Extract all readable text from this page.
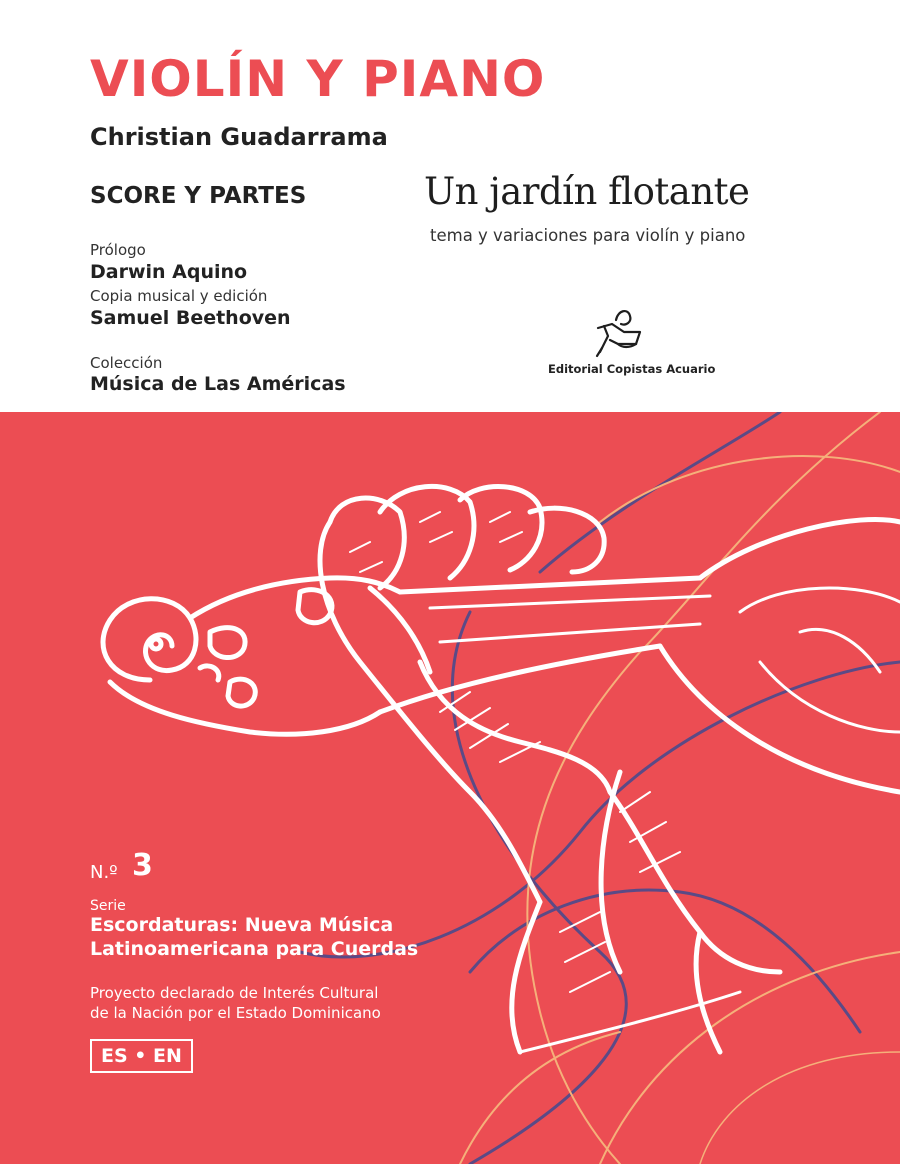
VIOLÍN Y PIANO
Christian Guadarrama
SCORE Y PARTES
Prólogo
Darwin Aquino
Copia musical y edición
Samuel Beethoven
Colección
Música de Las Américas
Un jardín flotante
tema y variaciones para violín y piano
Editorial Copistas Acuario
N.º 3
Serie
Escordaturas: Nueva Música
Latinoamericana para Cuerdas
Proyecto declarado de Interés Cultural
de la Nación por el Estado Dominicano
ES • EN
